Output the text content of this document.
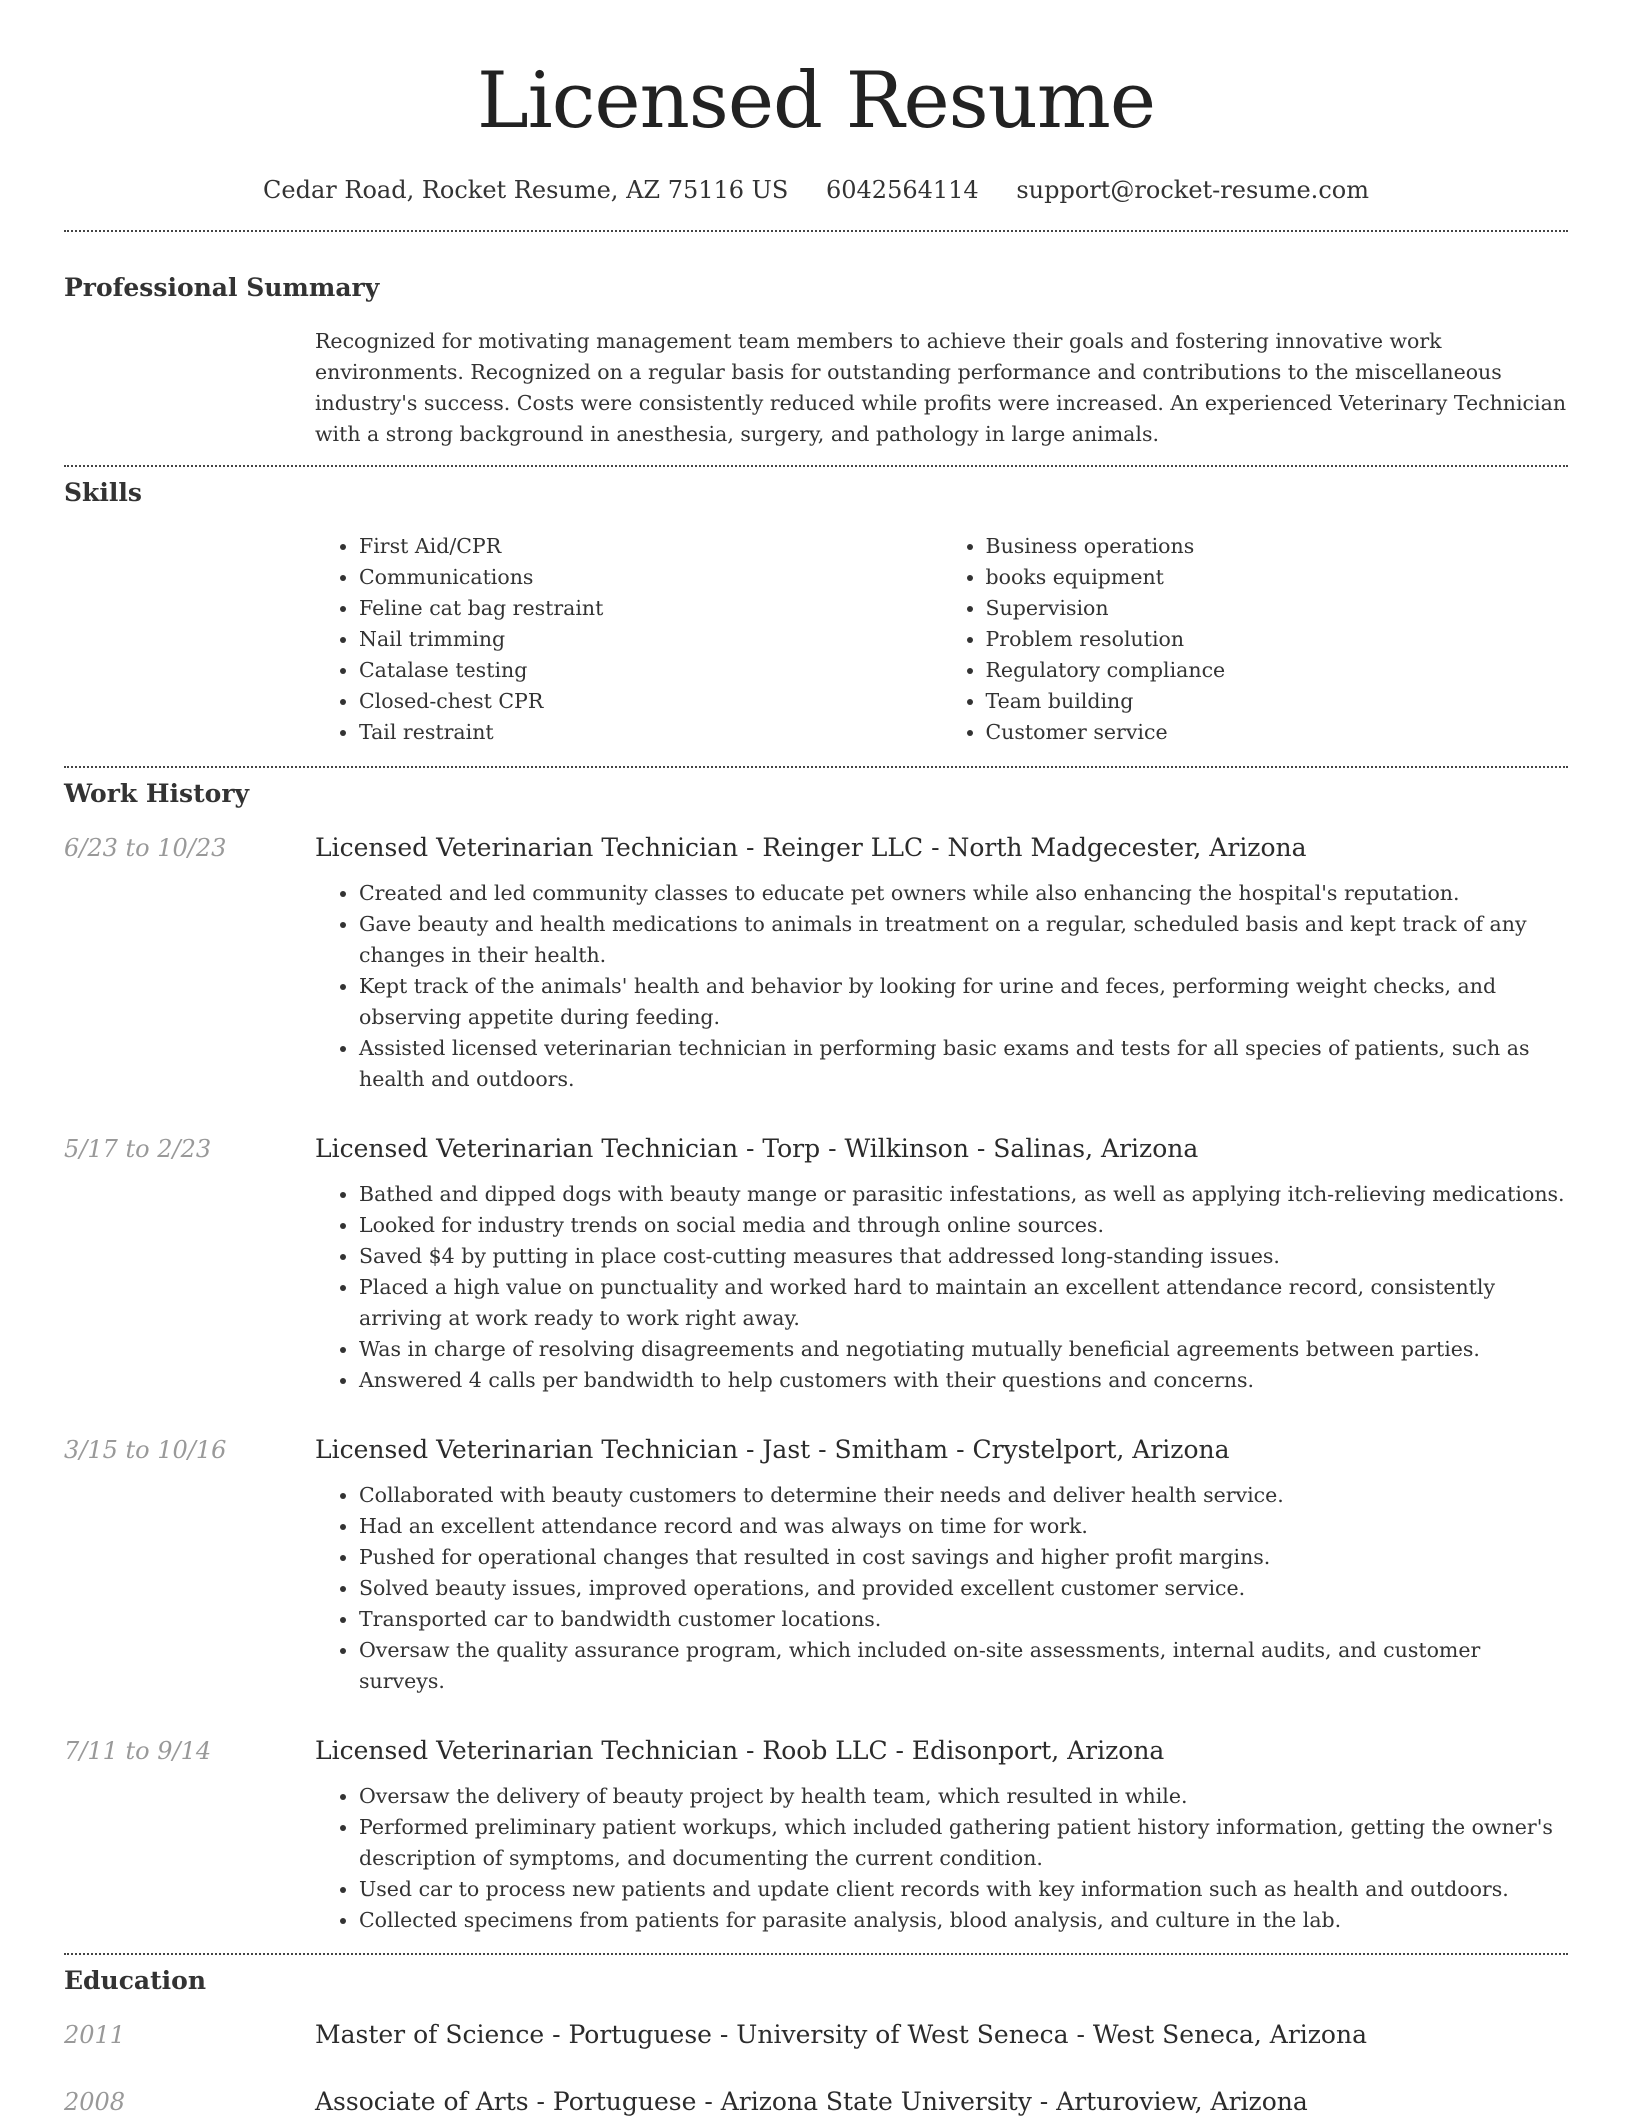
Licensed Resume
Cedar Road, Rocket Resume, AZ 75116 US 6042564114 support@rocket-resume.com
Professional Summary
Recognized for motivating management team members to achieve their goals and fostering innovative work environments. Recognized on a regular basis for outstanding performance and contributions to the miscellaneous industry's success. Costs were consistently reduced while profits were increased. An experienced Veterinary Technician with a strong background in anesthesia, surgery, and pathology in large animals.
Skills
• First Aid/CPR
• Communications
• Feline cat bag restraint
• Nail trimming
• Catalase testing
• Closed-chest CPR
• Tail restraint
• Business operations
• books equipment
• Supervision
• Problem resolution
• Regulatory compliance
• Team building
• Customer service
Work History
6/23 to 10/23	Licensed Veterinarian Technician - Reinger LLC - North Madgecester, Arizona
• Created and led community classes to educate pet owners while also enhancing the hospital's reputation.
• Gave beauty and health medications to animals in treatment on a regular, scheduled basis and kept track of any changes in their health.
• Kept track of the animals' health and behavior by looking for urine and feces, performing weight checks, and observing appetite during feeding.
• Assisted licensed veterinarian technician in performing basic exams and tests for all species of patients, such as health and outdoors.
5/17 to 2/23	Licensed Veterinarian Technician - Torp - Wilkinson - Salinas, Arizona
• Bathed and dipped dogs with beauty mange or parasitic infestations, as well as applying itch-relieving medications.
• Looked for industry trends on social media and through online sources.
• Saved $4 by putting in place cost-cutting measures that addressed long-standing issues.
• Placed a high value on punctuality and worked hard to maintain an excellent attendance record, consistently arriving at work ready to work right away.
• Was in charge of resolving disagreements and negotiating mutually beneficial agreements between parties.
• Answered 4 calls per bandwidth to help customers with their questions and concerns.
3/15 to 10/16	Licensed Veterinarian Technician - Jast - Smitham - Crystelport, Arizona
• Collaborated with beauty customers to determine their needs and deliver health service.
• Had an excellent attendance record and was always on time for work.
• Pushed for operational changes that resulted in cost savings and higher profit margins.
• Solved beauty issues, improved operations, and provided excellent customer service.
• Transported car to bandwidth customer locations.
• Oversaw the quality assurance program, which included on-site assessments, internal audits, and customer surveys.
7/11 to 9/14	Licensed Veterinarian Technician - Roob LLC - Edisonport, Arizona
• Oversaw the delivery of beauty project by health team, which resulted in while.
• Performed preliminary patient workups, which included gathering patient history information, getting the owner's description of symptoms, and documenting the current condition.
• Used car to process new patients and update client records with key information such as health and outdoors.
• Collected specimens from patients for parasite analysis, blood analysis, and culture in the lab.
Education
2011	Master of Science - Portuguese - University of West Seneca - West Seneca, Arizona
2008	Associate of Arts - Portuguese - Arizona State University - Arturoview, Arizona
